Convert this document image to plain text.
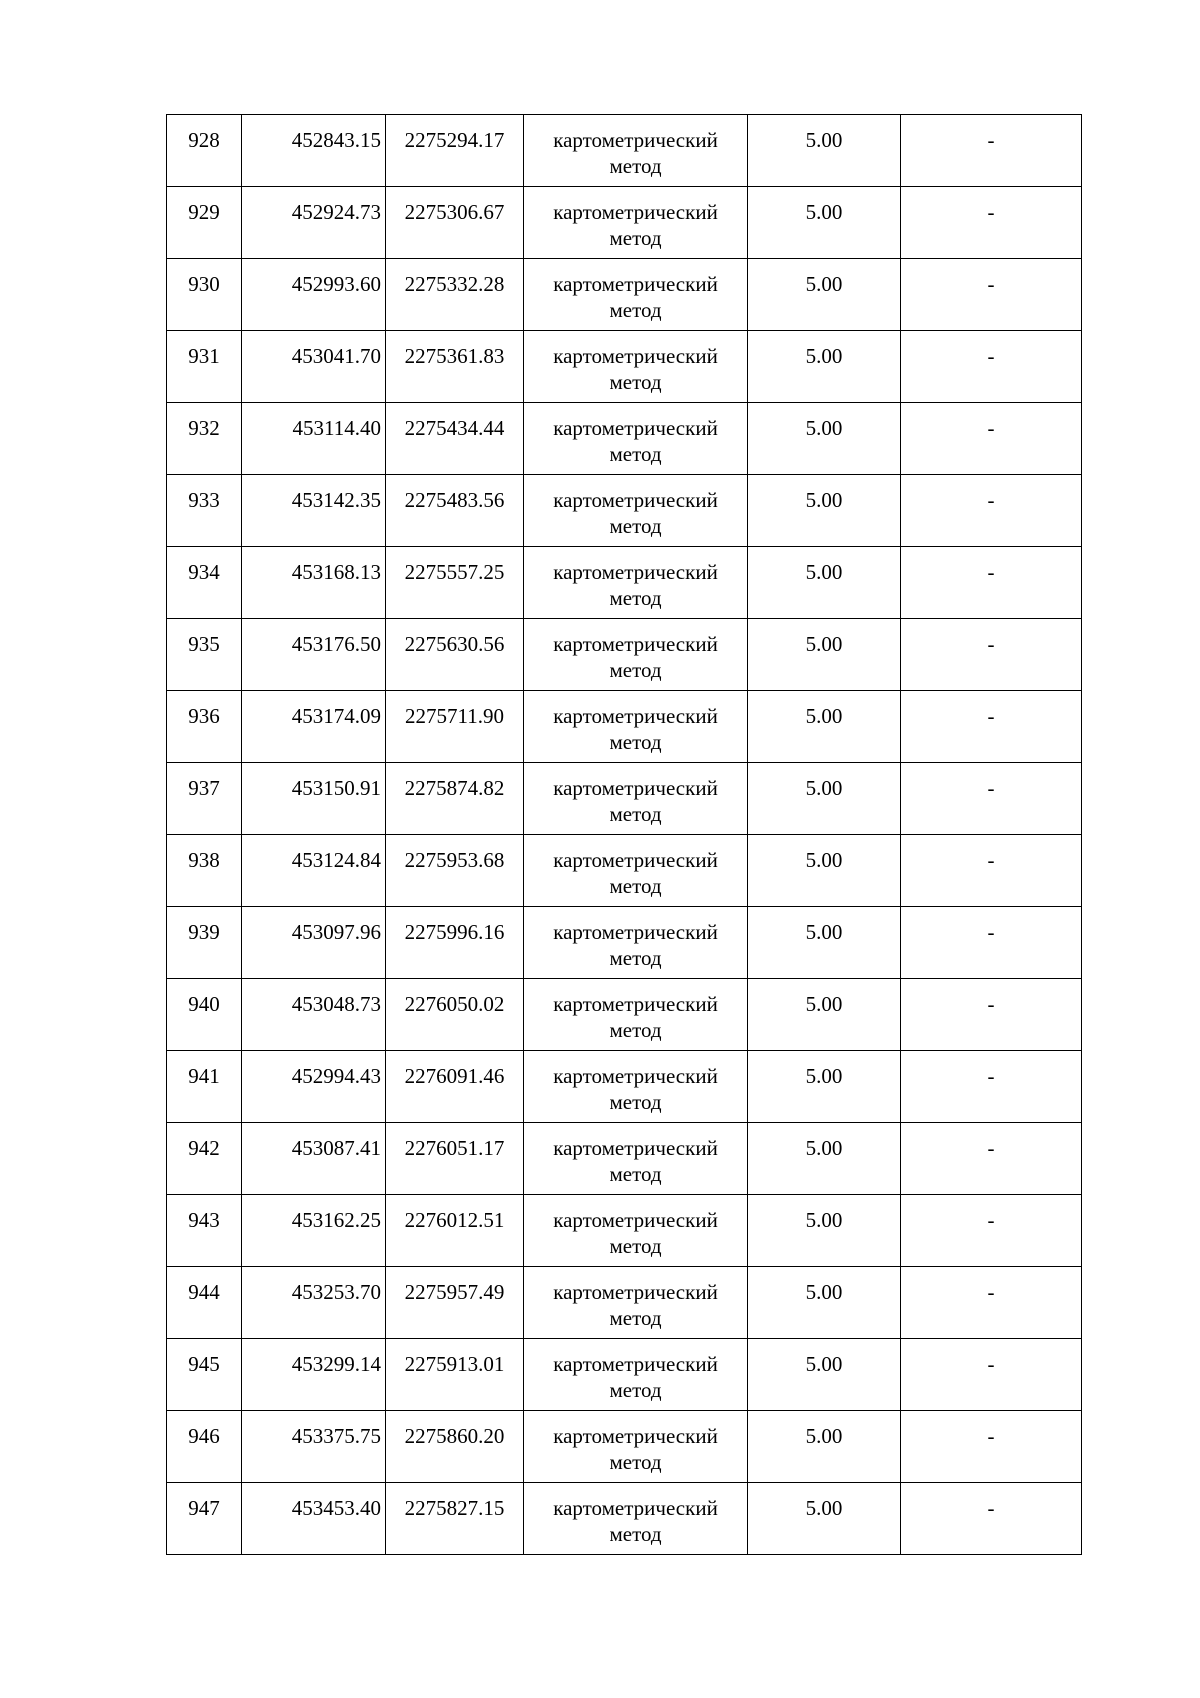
928	452843.15	2275294.17	картометрический метод	5.00	-
929	452924.73	2275306.67	картометрический метод	5.00	-
930	452993.60	2275332.28	картометрический метод	5.00	-
931	453041.70	2275361.83	картометрический метод	5.00	-
932	453114.40	2275434.44	картометрический метод	5.00	-
933	453142.35	2275483.56	картометрический метод	5.00	-
934	453168.13	2275557.25	картометрический метод	5.00	-
935	453176.50	2275630.56	картометрический метод	5.00	-
936	453174.09	2275711.90	картометрический метод	5.00	-
937	453150.91	2275874.82	картометрический метод	5.00	-
938	453124.84	2275953.68	картометрический метод	5.00	-
939	453097.96	2275996.16	картометрический метод	5.00	-
940	453048.73	2276050.02	картометрический метод	5.00	-
941	452994.43	2276091.46	картометрический метод	5.00	-
942	453087.41	2276051.17	картометрический метод	5.00	-
943	453162.25	2276012.51	картометрический метод	5.00	-
944	453253.70	2275957.49	картометрический метод	5.00	-
945	453299.14	2275913.01	картометрический метод	5.00	-
946	453375.75	2275860.20	картометрический метод	5.00	-
947	453453.40	2275827.15	картометрический метод	5.00	-
